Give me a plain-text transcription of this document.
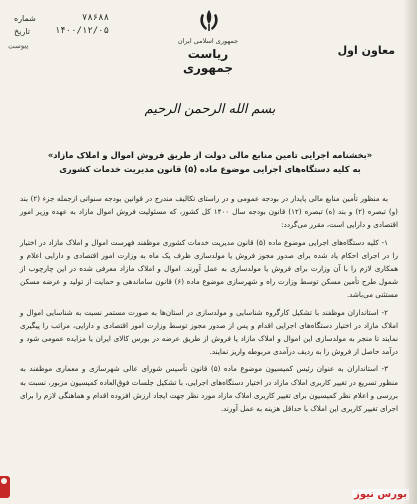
۷۸۶۸۸
شماره
۱۴۰۰/۱۲/۰۵
تاریخ
پیوست
جمهوری اسلامی ایران
ریاست جمهوری
معاون اول
بسم الله الرحمن الرحیم
«بخشنامه اجرایی تامین منابع مالی دولت از طریق فروش اموال و املاک مازاد»
به کلیه دستگاه‌های اجرایی موضوع ماده (۵) قانون مدیریت خدمات کشوری

به منظور تأمین منابع مالی پایدار در بودجه عمومی و در راستای تکالیف مندرج در قوانین بودجه سنواتی ازجمله جزء (۲) بند (و) تبصره (۲) و بند (ه) تبصره (۱۲) قانون بودجه سال ۱۴۰۰ کل کشور، که مسئولیت فروش اموال مازاد به عهده وزیر امور اقتصادی و دارایی است، مقرر می‌گردد:

۱- کلیه دستگاه‌های اجرایی موضوع ماده (۵) قانون مدیریت خدمات کشوری موظفند فهرست اموال و املاک مازاد در اختیار را در اجرای احکام یاد شده برای صدور مجوز فروش یا مولدسازی ظرف یک ماه به وزارت امور اقتصادی و دارایی اعلام و همکاری لازم را با آن وزارت برای فروش یا مولدسازی به عمل آورند. اموال و املاک مازاد معرفی شده در این چارچوب از شمول طرح تأمین مسکن توسط وزارت راه و شهرسازی موضوع ماده (۶) قانون ساماندهی و حمایت از تولید و عرضه مسکن مستثنی می‌باشد.

۲- استانداران موظفند با تشکیل کارگروه شناسایی و مولدسازی در استان‌ها به صورت مستمر نسبت به شناسایی اموال و املاک مازاد در اختیار دستگاه‌های اجرایی اقدام و پس از صدور مجوز توسط وزارت امور اقتصادی و دارایی، مراتب را پیگیری نمایند تا منجر به مولدسازی این اموال و املاک مازاد یا فروش از طریق عرضه در بورس کالای ایران یا مزایده عمومی شود و درآمد حاصل از فروش را به ردیف درآمدی مربوطه واریز نمایند.

۳- استانداران به عنوان رئیس کمیسیون موضوع ماده (۵) قانون تأسیس شورای عالی شهرسازی و معماری موظفند به منظور تسریع در تغییر کاربری املاک مازاد در اختیار دستگاه‌های اجرایی، با تشکیل جلسات فوق‌العاده کمیسیون مزبور، نسبت به بررسی و اعلام نظر کمیسیون برای تغییر کاربری املاک مازاد مورد نظر جهت ایجاد ارزش افزوده اقدام و هماهنگی لازم را برای اجرای تغییر کاربری این املاک با حداقل هزینه به عمل آورند.

بورس نیوز
